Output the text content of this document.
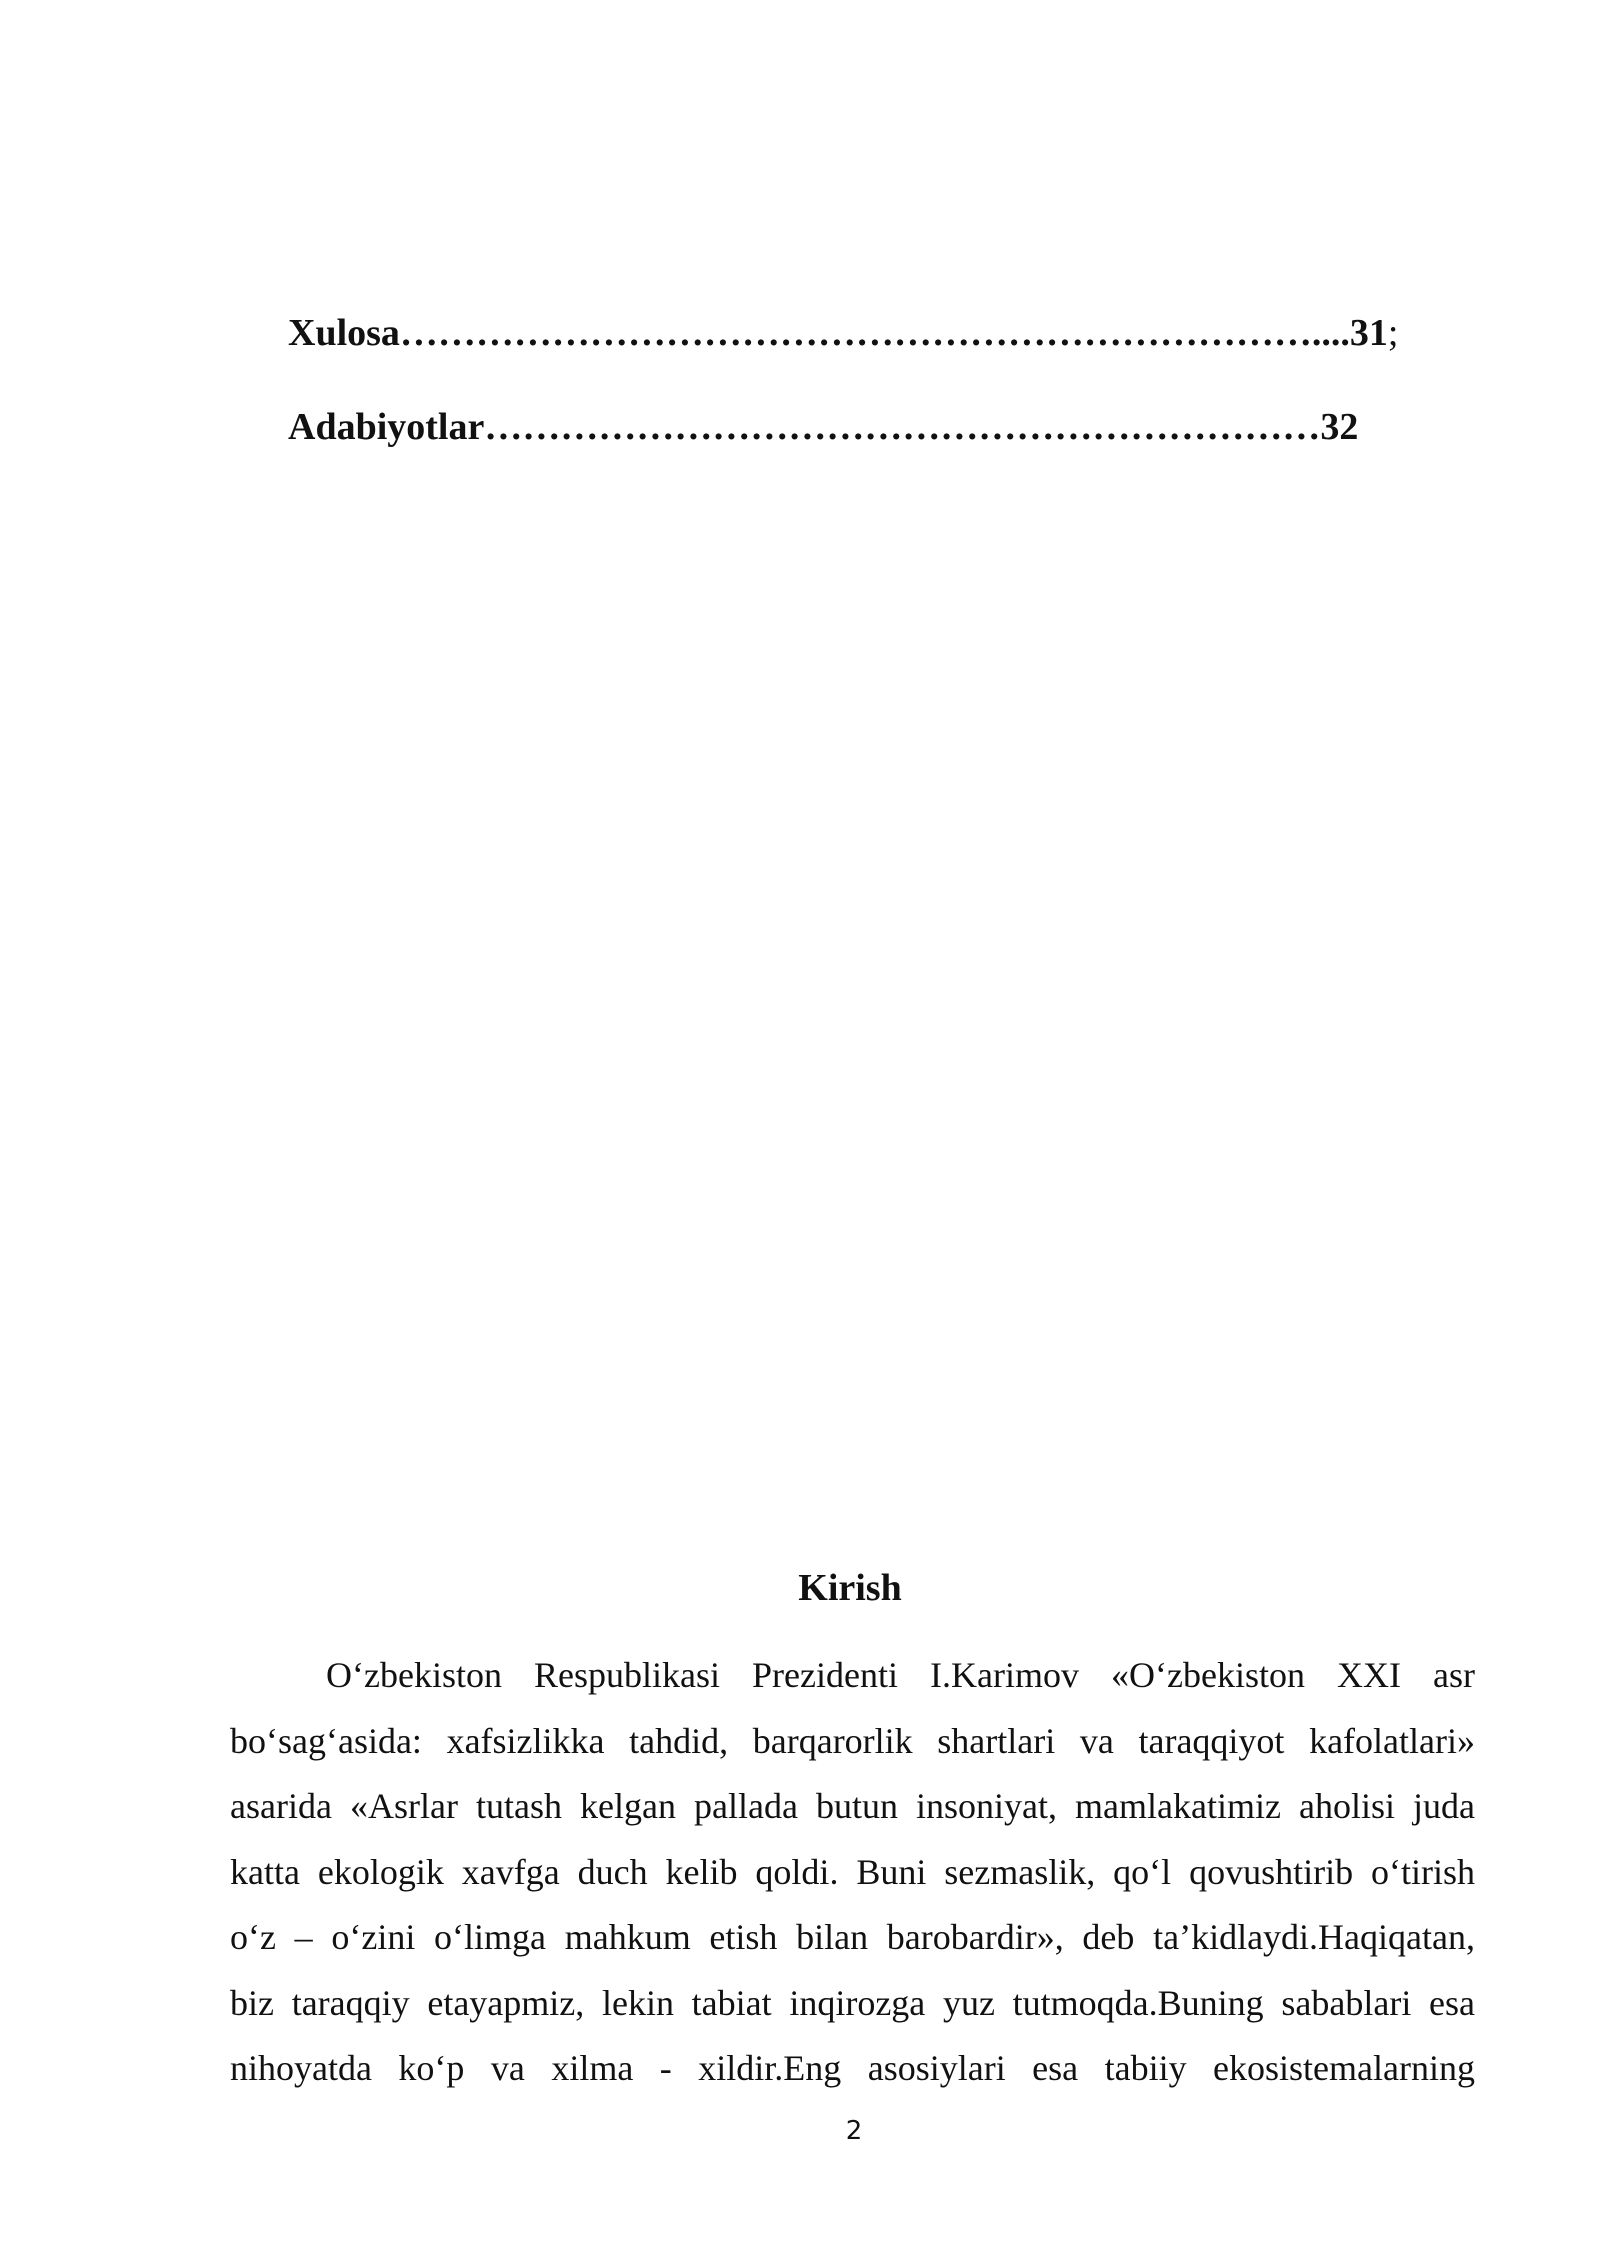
Xulosa………………………………………………………………....31;
Adabiyotlar…………………………………………………………32
Kirish
O‘zbekiston Respublikasi Prezidenti I.Karimov «O‘zbekiston XXI asr
bo‘sag‘asida: xafsizlikka tahdid, barqarorlik shartlari va taraqqiyot kafolatlari»
asarida «Asrlar tutash kelgan pallada butun insoniyat, mamlakatimiz aholisi juda
katta ekologik xavfga duch kelib qoldi. Buni sezmaslik, qo‘l qovushtirib o‘tirish
o‘z – o‘zini o‘limga mahkum etish bilan barobardir», deb ta’kidlaydi.Haqiqatan,
biz taraqqiy etayapmiz, lekin tabiat inqirozga yuz tutmoqda.Buning sabablari esa
nihoyatda ko‘p va xilma - xildir.Eng asosiylari esa tabiiy ekosistemalarning
2
